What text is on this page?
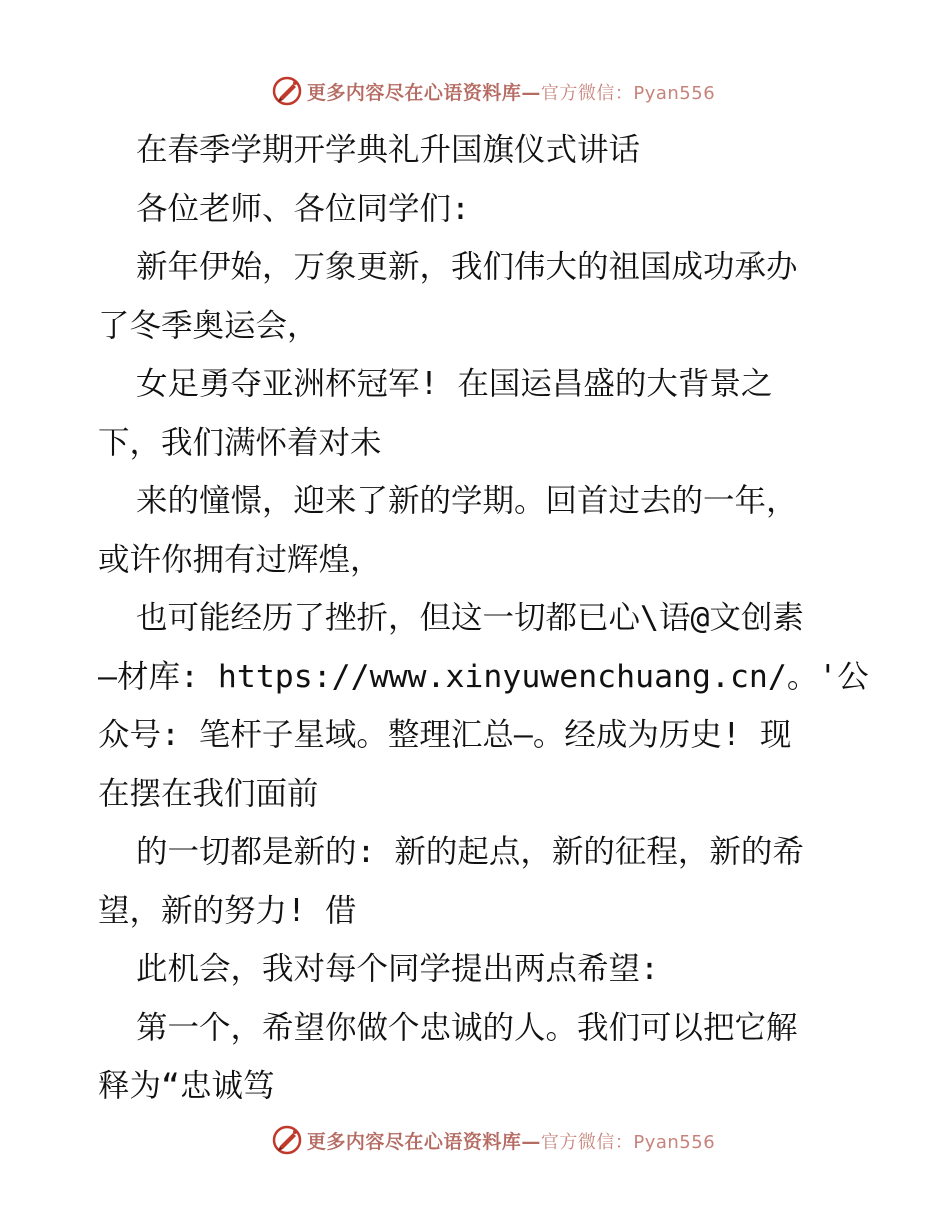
更多内容尽在心语资料库—官方微信：Pyan556
在春季学期开学典礼升国旗仪式讲话
各位老师、各位同学们:
新年伊始，万象更新，我们伟大的祖国成功承办
了冬季奥运会，
女足勇夺亚洲杯冠军! 在国运昌盛的大背景之
下，我们满怀着对未
来的憧憬，迎来了新的学期。回首过去的一年，
或许你拥有过辉煌，
也可能经历了挫折，但这一切都已心\语@文创素
—材库: https://www.xinyuwenchuang.cn/。'公
众号: 笔杆子星域。整理汇总—。经成为历史! 现
在摆在我们面前
的一切都是新的: 新的起点，新的征程，新的希
望，新的努力! 借
此机会，我对每个同学提出两点希望:
第一个，希望你做个忠诚的人。我们可以把它解
释为“忠诚笃
更多内容尽在心语资料库—官方微信：Pyan556
